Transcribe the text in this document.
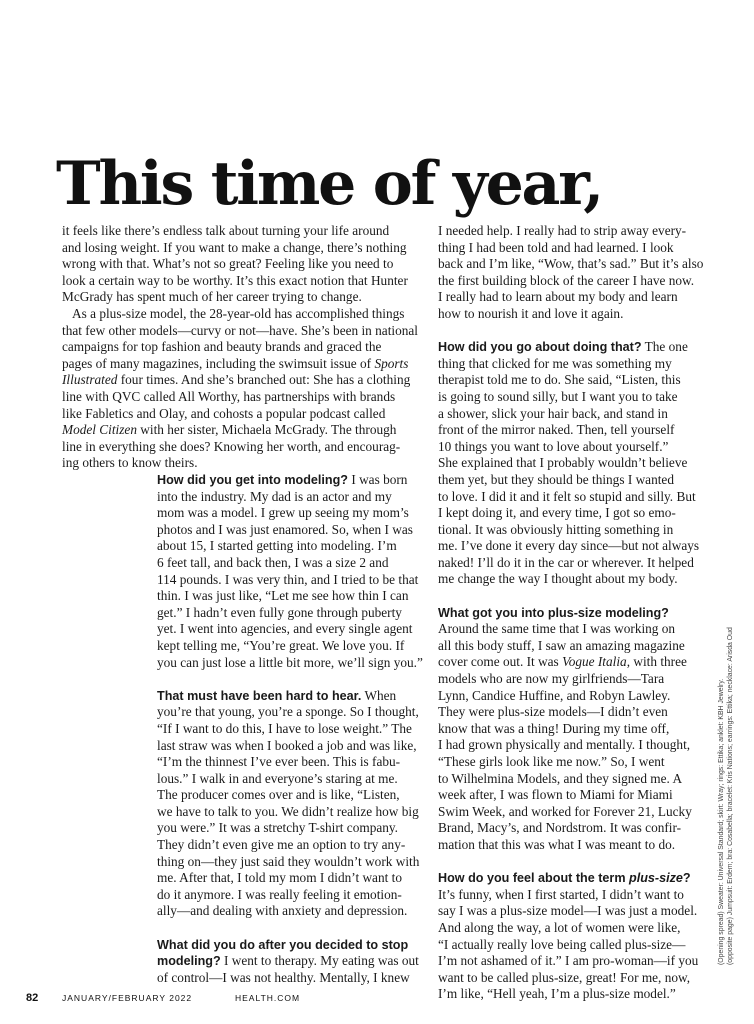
This time of year,

it feels like there’s endless talk about turning your life around
and losing weight. If you want to make a change, there’s nothing
wrong with that. What’s not so great? Feeling like you need to
look a certain way to be worthy. It’s this exact notion that Hunter
McGrady has spent much of her career trying to change.

As a plus-size model, the 28-year-old has accomplished things
that few other models—curvy or not—have. She’s been in national
campaigns for top fashion and beauty brands and graced the
pages of many magazines, including the swimsuit issue of Sports
Illustrated four times. And she’s branched out: She has a clothing
line with QVC called All Worthy, has partnerships with brands
like Fabletics and Olay, and cohosts a popular podcast called
Model Citizen with her sister, Michaela McGrady. The through
line in everything she does? Knowing her worth, and encourag-
ing others to know theirs.

How did you get into modeling? I was born
into the industry. My dad is an actor and my
mom was a model. I grew up seeing my mom’s
photos and I was just enamored. So, when I was
about 15, I started getting into modeling. I’m
6 feet tall, and back then, I was a size 2 and
114 pounds. I was very thin, and I tried to be that
thin. I was just like, “Let me see how thin I can
get.” I hadn’t even fully gone through puberty
yet. I went into agencies, and every single agent
kept telling me, “You’re great. We love you. If
you can just lose a little bit more, we’ll sign you.”
That must have been hard to hear. When
you’re that young, you’re a sponge. So I thought,
“If I want to do this, I have to lose weight.” The
last straw was when I booked a job and was like,
“I’m the thinnest I’ve ever been. This is fabu-
lous.” I walk in and everyone’s staring at me.
The producer comes over and is like, “Listen,
we have to talk to you. We didn’t realize how big
you were.” It was a stretchy T-shirt company.
They didn’t even give me an option to try any-
thing on—they just said they wouldn’t work with
me. After that, I told my mom I didn’t want to
do it anymore. I was really feeling it emotion-
ally—and dealing with anxiety and depression.
What did you do after you decided to stop
modeling? I went to therapy. My eating was out
of control—I was not healthy. Mentally, I knew
I needed help. I really had to strip away every-
thing I had been told and had learned. I look
back and I’m like, “Wow, that’s sad.” But it’s also
the first building block of the career I have now.
I really had to learn about my body and learn
how to nourish it and love it again.
How did you go about doing that? The one
thing that clicked for me was something my
therapist told me to do. She said, “Listen, this
is going to sound silly, but I want you to take
a shower, slick your hair back, and stand in
front of the mirror naked. Then, tell yourself
10 things you want to love about yourself.”
She explained that I probably wouldn’t believe
them yet, but they should be things I wanted
to love. I did it and it felt so stupid and silly. But
I kept doing it, and every time, I got so emo-
tional. It was obviously hitting something in
me. I’ve done it every day since—but not always
naked! I’ll do it in the car or wherever. It helped
me change the way I thought about my body.
What got you into plus-size modeling?
Around the same time that I was working on
all this body stuff, I saw an amazing magazine
cover come out. It was Vogue Italia, with three
models who are now my girlfriends—Tara
Lynn, Candice Huffine, and Robyn Lawley.
They were plus-size models—I didn’t even
know that was a thing! During my time off,
I had grown physically and mentally. I thought,
“These girls look like me now.” So, I went
to Wilhelmina Models, and they signed me. A
week after, I was flown to Miami for Miami
Swim Week, and worked for Forever 21, Lucky
Brand, Macy’s, and Nordstrom. It was confir-
mation that this was what I was meant to do.
How do you feel about the term plus-size?
It’s funny, when I first started, I didn’t want to
say I was a plus-size model—I was just a model.
And along the way, a lot of women were like,
“I actually really love being called plus-size—
I’m not ashamed of it.” I am pro-woman—if you
want to be called plus-size, great! For me, now,
I’m like, “Hell yeah, I’m a plus-size model.”
(Opening spread) Sweater: Universal Standard; skirt: Wray; rings: Ettika; anklet: KBH Jewelry. (opposite page) Jumpsuit: Erdem; bra: Cosabella; bracelet: Kris Nations; earrings: Ettika; necklace: Arisda Oud
82	JANUARY/FEBRUARY 2022	HEALTH.COM
